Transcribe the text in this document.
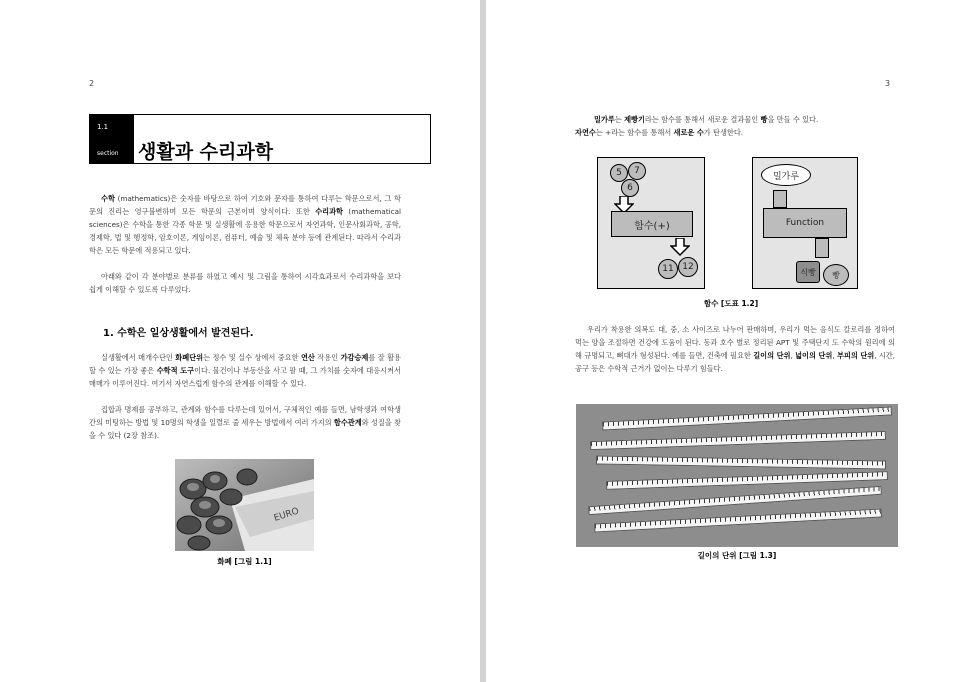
2
1.1
section 생활과 수리과학

수학 (mathematics)은 숫자를 바탕으로 하여 기호와 문자를 통하여 다루는 학문으로서, 그 학문의 진리는 영구불변하며 모든 학문의 근본이며 양식이다. 또한 수리과학 (mathematical sciences)은 수학을 통한 각종 학문 및 실생활에 응용한 학문으로서 자연과학, 인문사회과학, 공학, 경제학, 법 및 행정학, 암호이론, 게임이론, 컴퓨터, 예술 및 체육 분야 등에 관계된다. 따라서 수리과학은 모든 학문에 적용되고 있다.

아래와 같이 각 분야별로 분류를 하였고 예시 및 그림을 통하여 시각효과로서 수리과학을 보다 쉽게 이해할 수 있도록 다루었다.

1. 수학은 일상생활에서 발견된다.

실생활에서 매개수단인 화폐단위는 정수 및 실수 상에서 중요한 연산 작용인 가감승제를 잘 활용할 수 있는 가장 좋은 수학적 도구이다. 물건이나 부동산을 사고 팔 때, 그 가치를 숫자에 대응시켜서 매매가 이루어진다. 여기서 자연스럽게 함수의 관계를 이해할 수 있다.

집합과 명제를 공부하고, 관계와 함수를 다루는데 있어서, 구체적인 예를 들면, 남학생과 여학생간의 미팅하는 방법 및 10명의 학생을 일렬로 줄 세우는 방법에서 여러 가지의 함수관계와 성질을 찾을 수 있다 (2장 참조).

EURO
화폐 [그림 1.1]
3

밀가루는 제빵기라는 함수를 통해서 새로운 결과물인 빵을 만들 수 있다.

자연수는 +라는 함수를 통해서 새로운 수가 탄생한다.

5	7
6
함수(+)
11 12
밀가루
Function
식빵	빵
함수 [도표 1.2]

우리가 착용한 의복도 대, 중, 소 사이즈로 나누어 판매하며, 우리가 먹는 음식도 칼로리를 정하여 먹는 양을 조절하면 건강에 도움이 된다. 동과 호수 별로 정리된 APT 및 주택단지 도 수학의 원리에 의해 규명되고, 뼈대가 형성된다. 예를 들면, 건축에 필요한 길이의 단위, 넓이의 단위, 부피의 단위, 시간, 공구 등은 수학적 근거가 없이는 다루기 힘들다.

길이의 단위 [그림 1.3]
